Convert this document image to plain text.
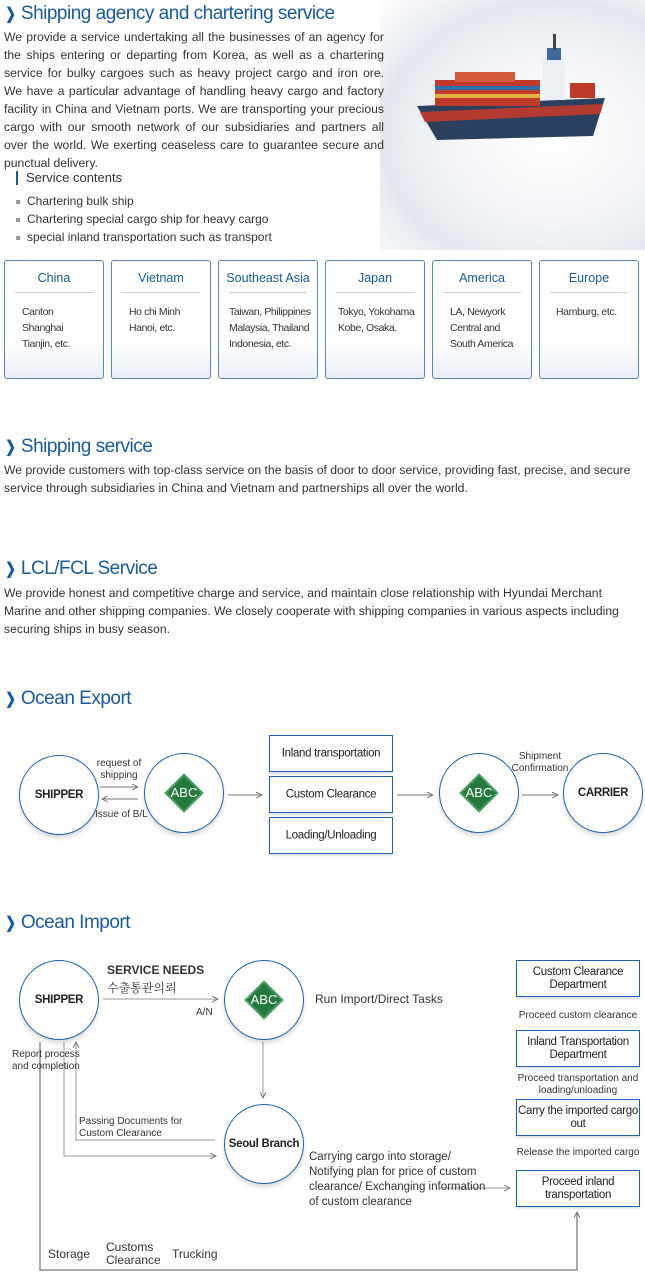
❯ Shipping agency and chartering service
We provide a service undertaking all the businesses of an agency for the ships entering or departing from Korea, as well as a chartering service for bulky cargoes such as heavy project cargo and iron ore. We have a particular advantage of handling heavy cargo and factory facility in China and Vietnam ports. We are transporting your precious cargo with our smooth network of our subsidiaries and partners all over the world. We exerting ceaseless care to guarantee secure and punctual delivery.
Service contents
Chartering bulk ship
Chartering special cargo ship for heavy cargo
special inland transportation such as transport
China
Canton
Shanghai
Tianjin, etc.
Vietnam
Ho chi Minh
Hanoi, etc.
Southeast Asia
Taiwan, Philippines
Malaysia, Thailand
Indonesia, etc.
Japan
Tokyo, Yokohama
Kobe, Osaka.
America
LA, Newyork
Central and
South America
Europe
Hamburg, etc.
❯ Shipping service
We provide customers with top-class service on the basis of door to door service, providing fast, precise, and secure service through subsidiaries in China and Vietnam and partnerships all over the world.
❯ LCL/FCL Service
We provide honest and competitive charge and service, and maintain close relationship with Hyundai Merchant Marine and other shipping companies. We closely cooperate with shipping companies in various aspects including securing ships in busy season.
❯ Ocean Export
SHIPPER	ABC	ABC	CARRIER
request of shipping
Issue of B/L
Shipment Confirmation
Inland transportation
Custom Clearance
Loading/Unloading
❯ Ocean Import
SHIPPER	ABC
Seoul Branch
SERVICE NEEDS
수출통관의뢰
A/N
Run Import/Direct Tasks
Report process and completion
Passing Documents for Custom Clearance
Carrying cargo into storage/ Notifying plan for price of custom clearance/ Exchanging information of custom clearance
Storage Customs Clearance Trucking
Custom Clearance Department
Proceed custom clearance
Inland Transportation Department
Proceed transportation and loading/unloading
Carry the imported cargo out
Release the imported cargo
Proceed inland transportation
